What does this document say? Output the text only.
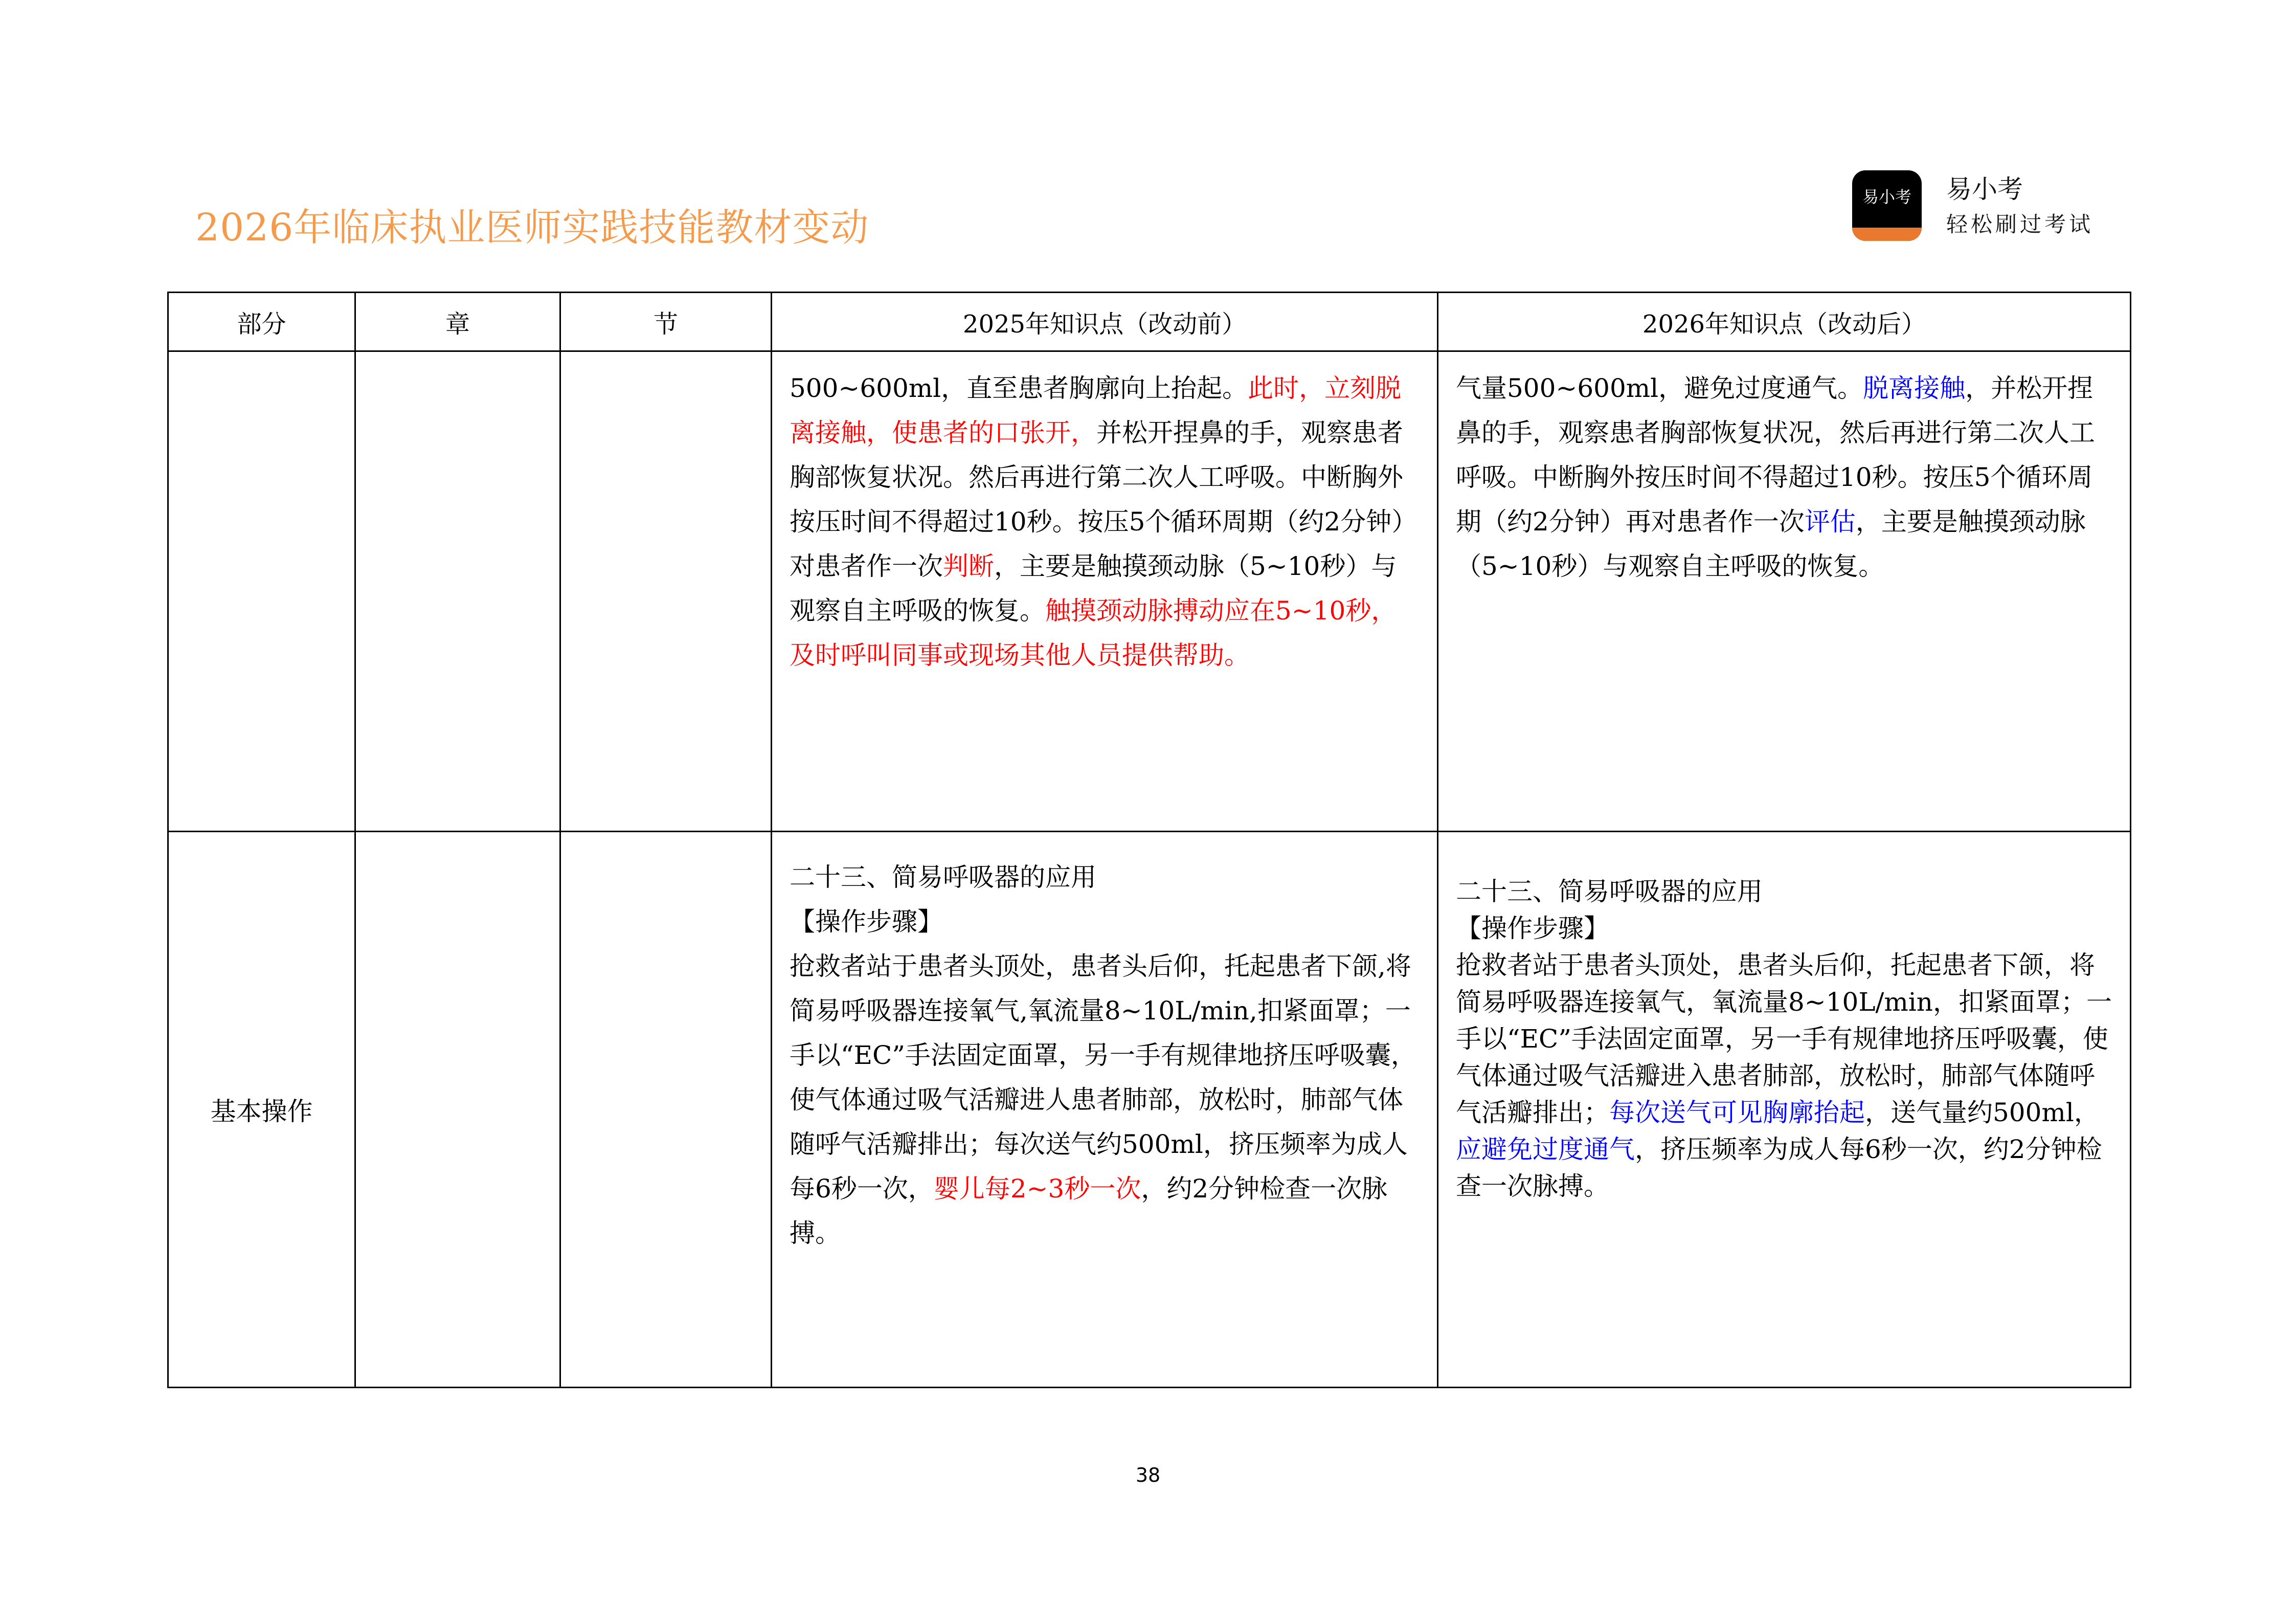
2026年临床执业医师实践技能教材变动
易小考	易小考
轻松刷过考试
部分	章	节	2025年知识点（改动前）	2026年知识点（改动后）
			500~600ml，直至患者胸廓向上抬起。此时，立刻脱离接触，使患者的口张开，并松开捏鼻的手，观察患者胸部恢复状况。然后再进行第二次人工呼吸。中断胸外按压时间不得超过10秒。按压5个循环周期（约2分钟）对患者作一次判断，主要是触摸颈动脉（5~10秒）与观察自主呼吸的恢复。触摸颈动脉搏动应在5~10秒，及时呼叫同事或现场其他人员提供帮助。	气量500~600ml，避免过度通气。脱离接触，并松开捏鼻的手，观察患者胸部恢复状况，然后再进行第二次人工呼吸。中断胸外按压时间不得超过10秒。按压5个循环周期（约2分钟）再对患者作一次评估，主要是触摸颈动脉（5~10秒）与观察自主呼吸的恢复。
基本操作			二十三、简易呼吸器的应用
【操作步骤】
抢救者站于患者头顶处，患者头后仰，托起患者下颌,将简易呼吸器连接氧气,氧流量8~10L/min,扣紧面罩；一手以“EC”手法固定面罩，另一手有规律地挤压呼吸囊，使气体通过吸气活瓣进人患者肺部，放松时，肺部气体随呼气活瓣排出；每次送气约500ml，挤压频率为成人每6秒一次，婴儿每2~3秒一次，约2分钟检查一次脉搏。	二十三、简易呼吸器的应用
【操作步骤】
抢救者站于患者头顶处，患者头后仰，托起患者下颌，将简易呼吸器连接氧气，氧流量8~10L/min，扣紧面罩；一手以“EC”手法固定面罩，另一手有规律地挤压呼吸囊，使气体通过吸气活瓣进入患者肺部，放松时，肺部气体随呼气活瓣排出；每次送气可见胸廓抬起，送气量约500ml，应避免过度通气，挤压频率为成人每6秒一次，约2分钟检查一次脉搏。
38
